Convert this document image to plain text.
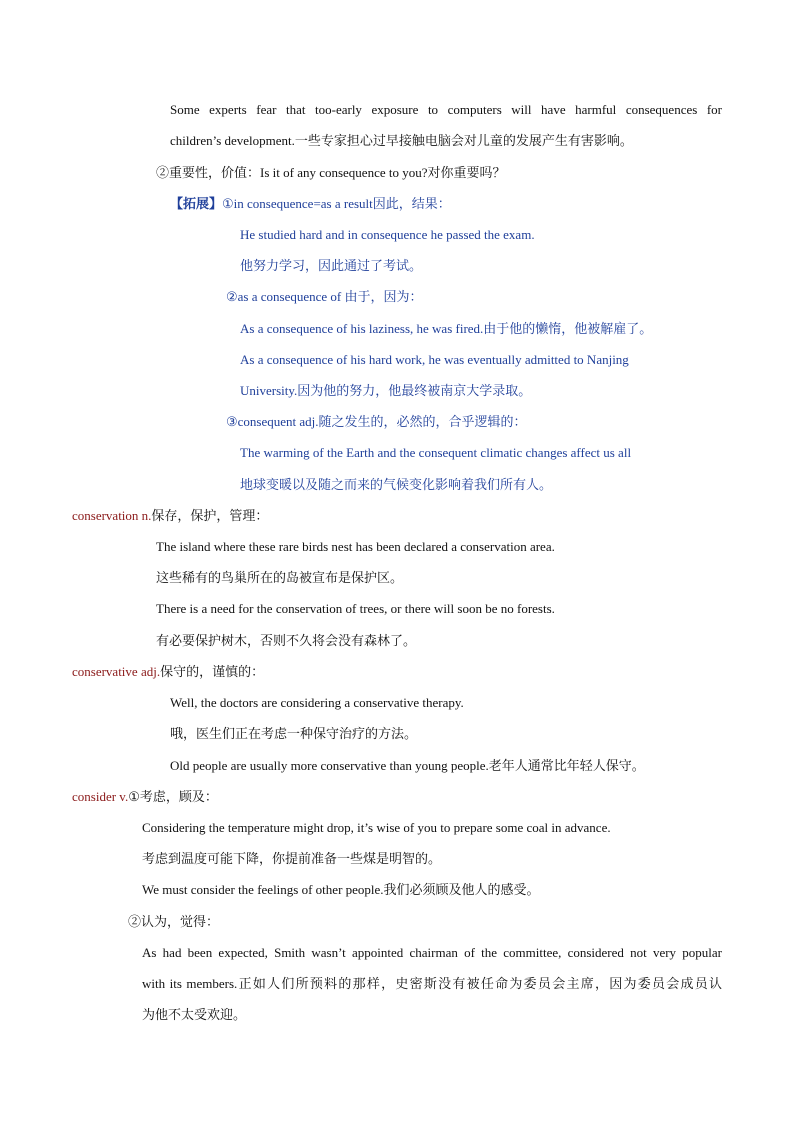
Some experts fear that too-early exposure to computers will have harmful consequences for
children’s development.一些专家担心过早接触电脑会对儿童的发展产生有害影响。
②重要性，价值：Is it of any consequence to you?对你重要吗？
【拓展】①in consequence=as a result因此，结果：
He studied hard and in consequence he passed the exam.
他努力学习，因此通过了考试。
②as a consequence of 由于，因为：
As a consequence of his laziness, he was fired.由于他的懒惰，他被解雇了。
As a consequence of his hard work, he was eventually admitted to Nanjing
University.因为他的努力，他最终被南京大学录取。
③consequent adj.随之发生的，必然的，合乎逻辑的：
The warming of the Earth and the consequent climatic changes affect us all
地球变暖以及随之而来的气候变化影响着我们所有人。
conservation n.保存，保护，管理：
The island where these rare birds nest has been declared a conservation area.
这些稀有的鸟巢所在的岛被宣布是保护区。
There is a need for the conservation of trees, or there will soon be no forests.
有必要保护树木，否则不久将会没有森林了。
conservative adj.保守的，谨慎的：
Well, the doctors are considering a conservative therapy.
哦，医生们正在考虑一种保守治疗的方法。
Old people are usually more conservative than young people.老年人通常比年轻人保守。
consider v.①考虑，顾及：
Considering the temperature might drop, it’s wise of you to prepare some coal in advance.
考虑到温度可能下降，你提前准备一些煤是明智的。
We must consider the feelings of other people.我们必须顾及他人的感受。
②认为，觉得：
As had been expected, Smith wasn’t appointed chairman of the committee, considered not very popular
with its members.正如人们所预料的那样，史密斯没有被任命为委员会主席，因为委员会成员认
为他不太受欢迎。
